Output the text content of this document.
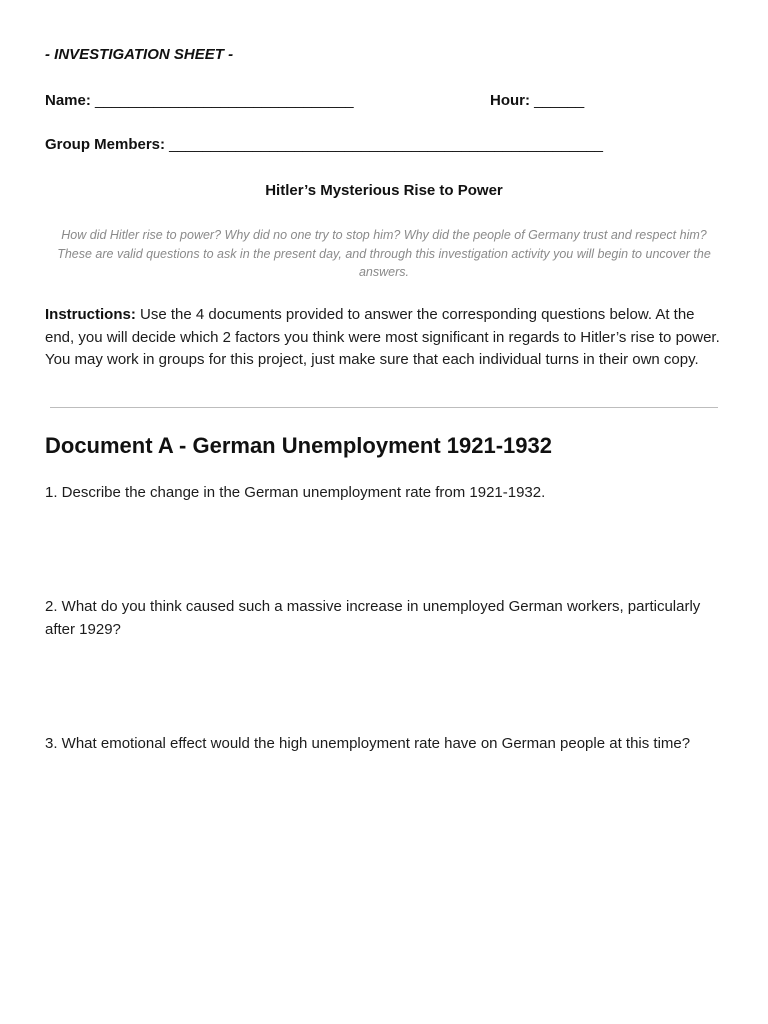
- INVESTIGATION SHEET -

Name: _______________________________	Hour: ______
Group Members: ____________________________________________________

Hitler’s Mysterious Rise to Power

How did Hitler rise to power? Why did no one try to stop him? Why did the people of Germany trust and respect him? These are valid questions to ask in the present day, and through this investigation activity you will begin to uncover the answers.

Instructions: Use the 4 documents provided to answer the corresponding questions below. At the end, you will decide which 2 factors you think were most significant in regards to Hitler’s rise to power. You may work in groups for this project, just make sure that each individual turns in their own copy.

Document A - German Unemployment 1921-1932

1. Describe the change in the German unemployment rate from 1921-1932.

2. What do you think caused such a massive increase in unemployed German workers, particularly after 1929?

3. What emotional effect would the high unemployment rate have on German people at this time?
